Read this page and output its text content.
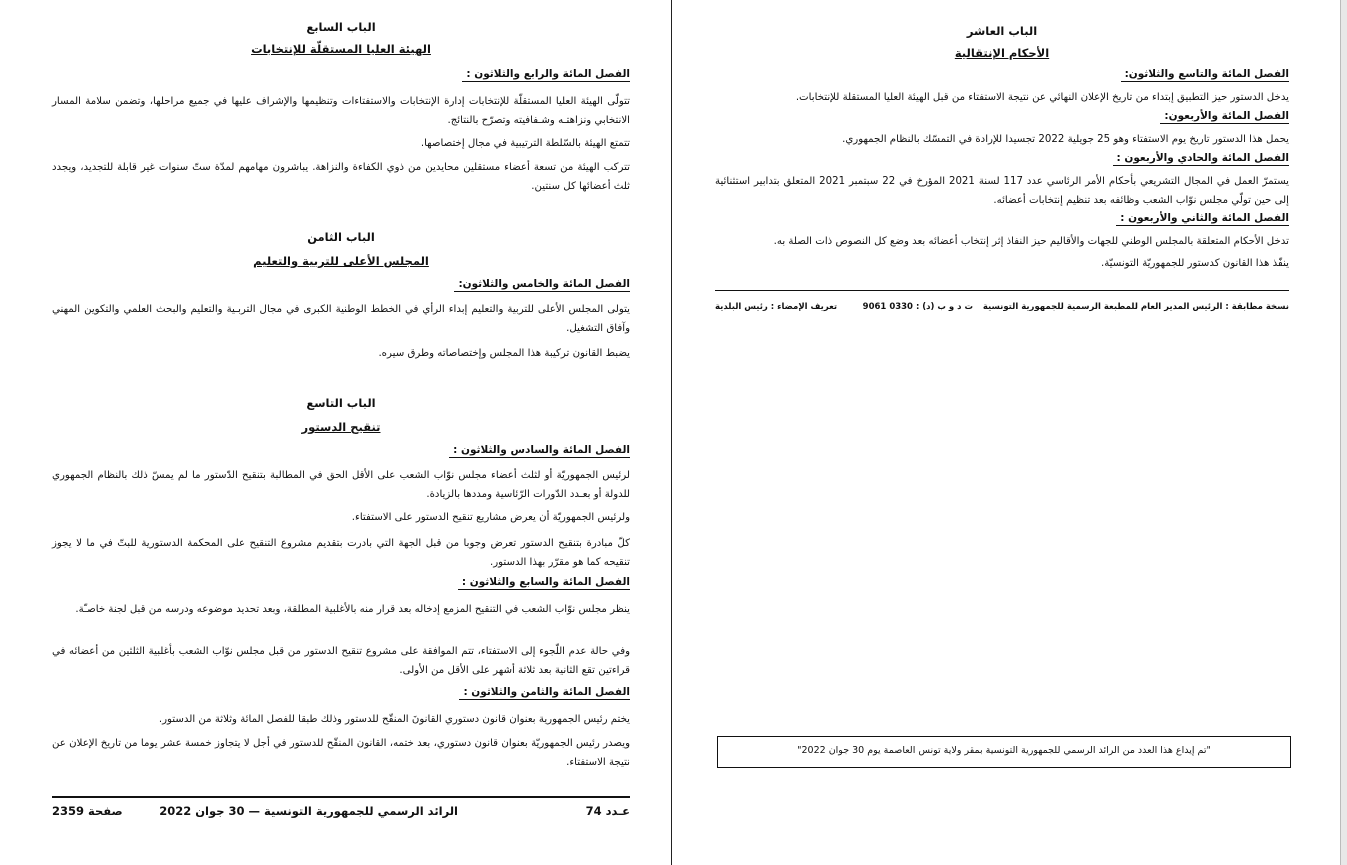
الباب السابع
الهيئة العليا المستقلّة للإنتخابات
الفصل المائة والرابع والثلاثون :
تتولّى الهيئة العليا المستقلّة للإنتخابات إدارة الإنتخابات والاستفتاءات وتنظيمها والإشراف عليها في جميع مراحلها، وتضمن سلامة المسار الانتخابي ونزاهتـه وشـفافيته وتصرّح بالنتائج.
تتمتع الهيئة بالسّلطة الترتيبية في مجال إختصاصها.
تتركب الهيئة من تسعة أعضاء مستقلين محايدين من ذوي الكفاءة والنزاهة. يباشرون مهامهم لمدّة ستّ سنوات غير قابلة للتجديد، ويجدد ثلث أعضائها كل سنتين.
الباب الثامن
المجلس الأعلى للتربية والتعليم
الفصل المائة والخامس والثلاثون:
يتولى المجلس الأعلى للتربية والتعليم إبداء الرأي في الخطط الوطنية الكبرى في مجال التربـية والتعليم والبحث العلمي والتكوين المهني وآفاق التشغيل.
يضبط القانون تركيبة هذا المجلس وإختصاصاته وطرق سيره.
الباب التاسع
تنقيح الدستور
الفصل المائة والسادس والثلاثون :
لرئيس الجمهوريّة أو لثلث أعضاء مجلس نوّاب الشعب على الأقل الحق في المطالبة بتنقيح الدّستور ما لم يمسّ ذلك بالنظام الجمهوري للدولة أو بعـدد الدّورات الرّئاسية ومددها بالزيادة.
ولرئيس الجمهوريّة أن يعرض مشاريع تنقيح الدستور على الاستفتاء.
كلّ مبادرة بتنقيح الدستور تعرض وجوبا من قبل الجهة التي بادرت بتقديم مشروع التنقيح على المحكمة الدستورية للبتّ في ما لا يجوز تنقيحه كما هو مقرّر بهذا الدستور.
الفصل المائة والسابع والثلاثون :
ينظر مجلس نوّاب الشعب في التنقيح المزمع إدخاله بعد قرار منه بالأغلبية المطلقة، وبعد تحديد موضوعه ودرسه من قبل لجنة خاصـّة.
وفي حالة عدم اللّجوء إلى الاستفتاء، تتم الموافقة على مشروع تنقيح الدستور من قبل مجلس نوّاب الشعب بأغلبية الثلثين من أعضائه في قراءتين تقع الثانية بعد ثلاثة أشهر على الأقل من الأولى.
الفصل المائة والثامن والثلاثون :
يختم رئيس الجمهورية بعنوان قانون دستوري القانونَ المنقّح للدستور وذلك طبقا للفصل المائة وثلاثة من الدستور.
ويصدر رئيس الجمهوريّة بعنوان قانون دستوري، بعد ختمه، القانون المنقّح للدستور في أجل لا يتجاوز خمسة عشر يوما من تاريخ الإعلان عن نتيجة الاستفتاء.
عـدد 74
الرائد الرسمي للجمهورية التونسية — 30 جوان 2022
صفحة 2359
الباب العاشر
الأحكام الإنتقالية
الفصل المائة والتاسع والثلاثون:
يدخل الدستور حيز التطبيق إبتداء من تاريخ الإعلان النهائي عن نتيجة الاستفتاء من قبل الهيئة العليا المستقلة للإنتخابات.
الفصل المائة والأربعون:
يحمل هذا الدستور تاريخ يوم الاستفتاء وهو 25 جويلية 2022 تجسيدا للإرادة في التمسّك بالنظام الجمهوري.
الفصل المائة والحادي والأربعون :
يستمرّ العمل في المجال التشريعي بأحكام الأمر الرئاسي عدد 117 لسنة 2021 المؤرخ في 22 سبتمبر 2021 المتعلق بتدابير استثنائية إلى حين تولّي مجلس نوّاب الشعب وظائفه بعد تنظيم إنتخابات أعضائه.
الفصل المائة والثاني والأربعون :
تدخل الأحكام المتعلقة بالمجلس الوطني للجهات والأقاليم حيز النفاذ إثر إنتخاب أعضائه بعد وضع كل النصوص ذات الصلة به.
ينفّذ هذا القانون كدستور للجمهوريّة التونسيّة.
نسخة مطابقة : الرئيس المدير العام للمطبعة الرسمية للجمهورية التونسية
ت د و ب (د) : 0330 9061
تعريف الإمضاء : رئيس البلدية
"تم إيداع هذا العدد من الرائد الرسمي للجمهورية التونسية بمقر ولاية تونس العاصمة يوم 30 جوان 2022"
